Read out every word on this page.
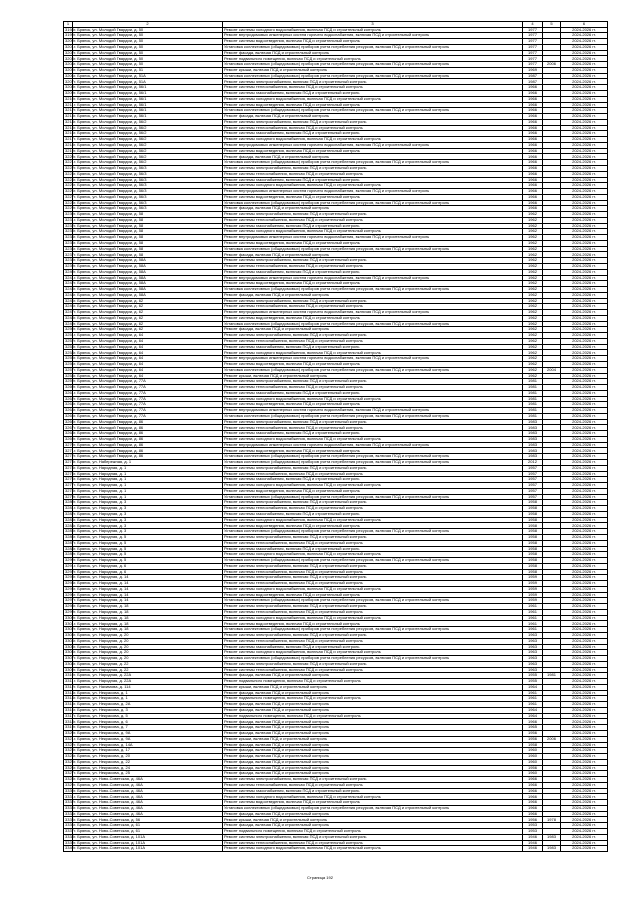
1	2	3	4	5	6
3198	г. Брянск, ул. Молодой Гвардии, д. 50	Ремонт системы холодного водоснабжения, включая ПСД и строительный контроль	1977		2024-2026 гг.
3199	г. Брянск, ул. Молодой Гвардии, д. 50	Ремонт внутридомовых инженерных систем горячего водоснабжения, включая ПСД и строительный контроль	1977		2024-2026 гг.
3200	г. Брянск, ул. Молодой Гвардии, д. 50	Ремонт системы водоотведения, включая ПСД и строительный контроль	1977		2024-2026 гг.
3201	г. Брянск, ул. Молодой Гвардии, д. 50	Установка коллективных (общедомовых) приборов учета потребления ресурсов, включая ПСД и строительный контроль	1977		2024-2026 гг.
3202	г. Брянск, ул. Молодой Гвардии, д. 50	Ремонт фасада, включая ПСД и строительный контроль	1977		2024-2026 гг.
3203	г. Брянск, ул. Молодой Гвардии, д. 50	Ремонт подвального помещения, включая ПСД и строительный контроль	1977		2024-2026 гг.
3204	г. Брянск, ул. Молодой Гвардии, д. 50	Установка коллективных (общедомовых) приборов учета потребления ресурсов, включая ПСД и строительный контроль	1977	2006	2024-2026 гг.
3205	г. Брянск, ул. Молодой Гвардии, д. 51	Ремонт крыши, включая ПСД и строительный контроль	1969		2024-2026 гг.
3206	г. Брянск, ул. Молодой Гвардии, д. 51А	Установка коллективных (общедомовых) приборов учета потребления ресурсов, включая ПСД и строительный контроль	1987		2024-2026 гг.
3207	г. Брянск, ул. Молодой Гвардии, д. 51А	Ремонт системы электроснабжения, включая ПСД и строительный контроль	1987		2024-2026 гг.
3208	г. Брянск, ул. Молодой Гвардии, д. 56/1	Ремонт системы теплоснабжения, включая ПСД и строительный контроль	1966		2024-2026 гг.
3209	г. Брянск, ул. Молодой Гвардии, д. 56/1	Ремонт системы газоснабжения, включая ПСД и строительный контроль	1966		2024-2026 гг.
3210	г. Брянск, ул. Молодой Гвардии, д. 56/1	Ремонт системы холодного водоснабжения, включая ПСД и строительный контроль	1966		2024-2026 гг.
3211	г. Брянск, ул. Молодой Гвардии, д. 56/1	Ремонт системы водоотведения, включая ПСД и строительный контроль	1966		2024-2026 гг.
3212	г. Брянск, ул. Молодой Гвардии, д. 56/1	Установка коллективных (общедомовых) приборов учета потребления ресурсов, включая ПСД и строительный контроль	1966		2024-2026 гг.
3213	г. Брянск, ул. Молодой Гвардии, д. 56/1	Ремонт фасада, включая ПСД и строительный контроль	1966		2024-2026 гг.
3214	г. Брянск, ул. Молодой Гвардии, д. 56/2	Ремонт системы электроснабжения, включая ПСД и строительный контроль	1966		2024-2026 гг.
3215	г. Брянск, ул. Молодой Гвардии, д. 56/2	Ремонт системы теплоснабжения, включая ПСД и строительный контроль	1966		2024-2026 гг.
3216	г. Брянск, ул. Молодой Гвардии, д. 56/2	Ремонт системы газоснабжения, включая ПСД и строительный контроль	1966		2024-2026 гг.
3217	г. Брянск, ул. Молодой Гвардии, д. 56/2	Ремонт системы холодного водоснабжения, включая ПСД и строительный контроль	1966		2024-2026 гг.
3218	г. Брянск, ул. Молодой Гвардии, д. 56/2	Ремонт внутридомовых инженерных систем горячего водоснабжения, включая ПСД и строительный контроль	1966		2024-2026 гг.
3219	г. Брянск, ул. Молодой Гвардии, д. 56/2	Ремонт системы водоотведения, включая ПСД и строительный контроль	1966		2024-2026 гг.
3220	г. Брянск, ул. Молодой Гвардии, д. 56/2	Ремонт фасада, включая ПСД и строительный контроль	1966		2024-2026 гг.
3221	г. Брянск, ул. Молодой Гвардии, д. 56/2	Установка коллективных (общедомовых) приборов учета потребления ресурсов, включая ПСД и строительный контроль	1966		2024-2026 гг.
3222	г. Брянск, ул. Молодой Гвардии, д. 56/3	Ремонт системы электроснабжения, включая ПСД и строительный контроль	1966		2024-2026 гг.
3223	г. Брянск, ул. Молодой Гвардии, д. 56/3	Ремонт системы теплоснабжения, включая ПСД и строительный контроль	1966		2024-2026 гг.
3224	г. Брянск, ул. Молодой Гвардии, д. 56/3	Ремонт системы газоснабжения, включая ПСД и строительный контроль	1966		2024-2026 гг.
3225	г. Брянск, ул. Молодой Гвардии, д. 56/3	Ремонт системы холодного водоснабжения, включая ПСД и строительный контроль	1966		2024-2026 гг.
3226	г. Брянск, ул. Молодой Гвардии, д. 56/3	Ремонт внутридомовых инженерных систем горячего водоснабжения, включая ПСД и строительный контроль	1966		2024-2026 гг.
3227	г. Брянск, ул. Молодой Гвардии, д. 56/3	Ремонт системы водоотведения, включая ПСД и строительный контроль	1966		2024-2026 гг.
3228	г. Брянск, ул. Молодой Гвардии, д. 56/3	Установка коллективных (общедомовых) приборов учета потребления ресурсов, включая ПСД и строительный контроль	1966		2024-2026 гг.
3229	г. Брянск, ул. Молодой Гвардии, д. 56/3	Ремонт фасада, включая ПСД и строительный контроль	1966		2024-2026 гг.
3230	г. Брянск, ул. Молодой Гвардии, д. 58	Ремонт системы электроснабжения, включая ПСД и строительный контроль	1962		2024-2026 гг.
3231	г. Брянск, ул. Молодой Гвардии, д. 58	Ремонт системы теплоснабжения, включая ПСД и строительный контроль	1962		2024-2026 гг.
3232	г. Брянск, ул. Молодой Гвардии, д. 58	Ремонт системы газоснабжения, включая ПСД и строительный контроль	1962		2024-2026 гг.
3233	г. Брянск, ул. Молодой Гвардии, д. 58	Ремонт системы холодного водоснабжения, включая ПСД и строительный контроль	1962		2024-2026 гг.
3234	г. Брянск, ул. Молодой Гвардии, д. 58	Ремонт внутридомовых инженерных систем горячего водоснабжения, включая ПСД и строительный контроль	1962		2024-2026 гг.
3235	г. Брянск, ул. Молодой Гвардии, д. 58	Ремонт системы водоотведения, включая ПСД и строительный контроль	1962		2024-2026 гг.
3236	г. Брянск, ул. Молодой Гвардии, д. 58	Установка коллективных (общедомовых) приборов учета потребления ресурсов, включая ПСД и строительный контроль	1962		2024-2026 гг.
3237	г. Брянск, ул. Молодой Гвардии, д. 58	Ремонт фасада, включая ПСД и строительный контроль	1962		2024-2026 гг.
3238	г. Брянск, ул. Молодой Гвардии, д. 58А	Ремонт системы электроснабжения, включая ПСД и строительный контроль	1962		2024-2026 гг.
3239	г. Брянск, ул. Молодой Гвардии, д. 58А	Ремонт системы теплоснабжения, включая ПСД и строительный контроль	1962		2024-2026 гг.
3240	г. Брянск, ул. Молодой Гвардии, д. 58А	Ремонт системы газоснабжения, включая ПСД и строительный контроль	1962		2024-2026 гг.
3241	г. Брянск, ул. Молодой Гвардии, д. 58А	Ремонт внутридомовых инженерных систем горячего водоснабжения, включая ПСД и строительный контроль	1962		2024-2026 гг.
3242	г. Брянск, ул. Молодой Гвардии, д. 58А	Ремонт системы водоотведения, включая ПСД и строительный контроль	1962		2024-2026 гг.
3243	г. Брянск, ул. Молодой Гвардии, д. 58А	Установка коллективных (общедомовых) приборов учета потребления ресурсов, включая ПСД и строительный контроль	1962		2024-2026 гг.
3244	г. Брянск, ул. Молодой Гвардии, д. 58А	Ремонт фасада, включая ПСД и строительный контроль	1962		2024-2026 гг.
3245	г. Брянск, ул. Молодой Гвардии, д. 62	Ремонт системы электроснабжения, включая ПСД и строительный контроль	1962		2024-2026 гг.
3246	г. Брянск, ул. Молодой Гвардии, д. 62	Ремонт системы теплоснабжения, включая ПСД и строительный контроль	1962		2024-2026 гг.
3247	г. Брянск, ул. Молодой Гвардии, д. 62	Ремонт внутридомовых инженерных систем горячего водоснабжения, включая ПСД и строительный контроль	1962		2024-2026 гг.
3248	г. Брянск, ул. Молодой Гвардии, д. 62	Ремонт системы водоотведения, включая ПСД и строительный контроль	1962		2024-2026 гг.
3249	г. Брянск, ул. Молодой Гвардии, д. 62	Установка коллективных (общедомовых) приборов учета потребления ресурсов, включая ПСД и строительный контроль	1962		2024-2026 гг.
3250	г. Брянск, ул. Молодой Гвардии, д. 62	Ремонт фасада, включая ПСД и строительный контроль	1962		2024-2026 гг.
3251	г. Брянск, ул. Молодой Гвардии, д. 64	Ремонт системы электроснабжения, включая ПСД и строительный контроль	1962		2024-2026 гг.
3252	г. Брянск, ул. Молодой Гвардии, д. 64	Ремонт системы теплоснабжения, включая ПСД и строительный контроль	1962		2024-2026 гг.
3253	г. Брянск, ул. Молодой Гвардии, д. 64	Ремонт системы газоснабжения, включая ПСД и строительный контроль	1962		2024-2026 гг.
3254	г. Брянск, ул. Молодой Гвардии, д. 64	Ремонт системы холодного водоснабжения, включая ПСД и строительный контроль	1962		2024-2026 гг.
3255	г. Брянск, ул. Молодой Гвардии, д. 64	Ремонт внутридомовых инженерных систем горячего водоснабжения, включая ПСД и строительный контроль	1962		2024-2026 гг.
3256	г. Брянск, ул. Молодой Гвардии, д. 64	Ремонт системы водоотведения, включая ПСД и строительный контроль	1962		2024-2026 гг.
3257	г. Брянск, ул. Молодой Гвардии, д. 64	Установка коллективных (общедомовых) приборов учета потребления ресурсов, включая ПСД и строительный контроль	1962	2004	2024-2026 гг.
3258	г. Брянск, ул. Молодой Гвардии, д. 64	Ремонт крыши, включая ПСД и строительный контроль	1962		2024-2026 гг.
3259	г. Брянск, ул. Молодой Гвардии, д. 77А	Ремонт системы электроснабжения, включая ПСД и строительный контроль	1981		2024-2026 гг.
3260	г. Брянск, ул. Молодой Гвардии, д. 77А	Ремонт системы теплоснабжения, включая ПСД и строительный контроль	1981		2024-2026 гг.
3261	г. Брянск, ул. Молодой Гвардии, д. 77А	Ремонт системы газоснабжения, включая ПСД и строительный контроль	1981		2024-2026 гг.
3262	г. Брянск, ул. Молодой Гвардии, д. 77А	Ремонт системы холодного водоснабжения, включая ПСД и строительный контроль	1981		2024-2026 гг.
3263	г. Брянск, ул. Молодой Гвардии, д. 77А	Ремонт системы водоотведения, включая ПСД и строительный контроль	1981		2024-2026 гг.
3264	г. Брянск, ул. Молодой Гвардии, д. 77А	Ремонт внутридомовых инженерных систем горячего водоснабжения, включая ПСД и строительный контроль	1981		2024-2026 гг.
3265	г. Брянск, ул. Молодой Гвардии, д. 77А	Установка коллективных (общедомовых) приборов учета потребления ресурсов, включая ПСД и строительный контроль	1981		2024-2026 гг.
3266	г. Брянск, ул. Молодой Гвардии, д. 86	Ремонт системы электроснабжения, включая ПСД и строительный контроль	1983		2024-2026 гг.
3267	г. Брянск, ул. Молодой Гвардии, д. 86	Ремонт системы теплоснабжения, включая ПСД и строительный контроль	1983		2024-2026 гг.
3268	г. Брянск, ул. Молодой Гвардии, д. 86	Ремонт системы газоснабжения, включая ПСД и строительный контроль	1983		2024-2026 гг.
3269	г. Брянск, ул. Молодой Гвардии, д. 86	Ремонт системы холодного водоснабжения, включая ПСД и строительный контроль	1983		2024-2026 гг.
3270	г. Брянск, ул. Молодой Гвардии, д. 86	Ремонт внутридомовых инженерных систем горячего водоснабжения, включая ПСД и строительный контроль	1983		2024-2026 гг.
3271	г. Брянск, ул. Молодой Гвардии, д. 86	Ремонт системы водоотведения, включая ПСД и строительный контроль	1983		2024-2026 гг.
3272	г. Брянск, ул. Молодой Гвардии, д. 86	Установка коллективных (общедомовых) приборов учета потребления ресурсов, включая ПСД и строительный контроль	1983		2024-2026 гг.
3273	г. Брянск, ул. Набережная, д. 1	Установка коллективных (общедомовых) приборов учета потребления ресурсов, включая ПСД и строительный контроль	2012		2024-2026 гг.
3274	г. Брянск, ул. Народная, д. 1	Ремонт системы электроснабжения, включая ПСД и строительный контроль	1957		2024-2026 гг.
3275	г. Брянск, ул. Народная, д. 1	Ремонт системы теплоснабжения, включая ПСД и строительный контроль	1957		2024-2026 гг.
3276	г. Брянск, ул. Народная, д. 1	Ремонт системы газоснабжения, включая ПСД и строительный контроль	1957		2024-2026 гг.
3277	г. Брянск, ул. Народная, д. 1	Ремонт системы холодного водоснабжения, включая ПСД и строительный контроль	1957		2024-2026 гг.
3278	г. Брянск, ул. Народная, д. 1	Ремонт системы водоотведения, включая ПСД и строительный контроль	1957		2024-2026 гг.
3279	г. Брянск, ул. Народная, д. 1	Установка коллективных (общедомовых) приборов учета потребления ресурсов, включая ПСД и строительный контроль	1957		2024-2026 гг.
3280	г. Брянск, ул. Народная, д. 3	Ремонт системы электроснабжения, включая ПСД и строительный контроль	1958		2024-2026 гг.
3281	г. Брянск, ул. Народная, д. 3	Ремонт системы теплоснабжения, включая ПСД и строительный контроль	1958		2024-2026 гг.
3282	г. Брянск, ул. Народная, д. 3	Ремонт системы газоснабжения, включая ПСД и строительный контроль	1958		2024-2026 гг.
3283	г. Брянск, ул. Народная, д. 3	Ремонт системы холодного водоснабжения, включая ПСД и строительный контроль	1958		2024-2026 гг.
3284	г. Брянск, ул. Народная, д. 3	Ремонт системы водоотведения, включая ПСД и строительный контроль	1958		2024-2026 гг.
3285	г. Брянск, ул. Народная, д. 3	Установка коллективных (общедомовых) приборов учета потребления ресурсов, включая ПСД и строительный контроль	1958		2024-2026 гг.
3286	г. Брянск, ул. Народная, д. 5	Ремонт системы электроснабжения, включая ПСД и строительный контроль	1958		2024-2026 гг.
3287	г. Брянск, ул. Народная, д. 5	Ремонт системы теплоснабжения, включая ПСД и строительный контроль	1958		2024-2026 гг.
3288	г. Брянск, ул. Народная, д. 5	Ремонт системы газоснабжения, включая ПСД и строительный контроль	1958		2024-2026 гг.
3289	г. Брянск, ул. Народная, д. 5	Ремонт системы холодного водоснабжения, включая ПСД и строительный контроль	1958		2024-2026 гг.
3290	г. Брянск, ул. Народная, д. 5	Установка коллективных (общедомовых) приборов учета потребления ресурсов, включая ПСД и строительный контроль	1958		2024-2026 гг.
3291	г. Брянск, ул. Народная, д. 6	Ремонт системы электроснабжения, включая ПСД и строительный контроль	1958		2024-2026 гг.
3292	г. Брянск, ул. Народная, д. 6	Ремонт системы теплоснабжения, включая ПСД и строительный контроль	1958		2024-2026 гг.
3293	г. Брянск, ул. Народная, д. 14	Ремонт системы электроснабжения, включая ПСД и строительный контроль	1959		2024-2026 гг.
3294	г. Брянск, ул. Народная, д. 14	Ремонт системы теплоснабжения, включая ПСД и строительный контроль	1959		2024-2026 гг.
3295	г. Брянск, ул. Народная, д. 14	Ремонт системы холодного водоснабжения, включая ПСД и строительный контроль	1959		2024-2026 гг.
3296	г. Брянск, ул. Народная, д. 14	Ремонт системы водоотведения, включая ПСД и строительный контроль	1959		2024-2026 гг.
3297	г. Брянск, ул. Народная, д. 14	Установка коллективных (общедомовых) приборов учета потребления ресурсов, включая ПСД и строительный контроль	1959		2024-2026 гг.
3298	г. Брянск, ул. Народная, д. 18	Ремонт системы электроснабжения, включая ПСД и строительный контроль	1961		2024-2026 гг.
3299	г. Брянск, ул. Народная, д. 18	Ремонт системы теплоснабжения, включая ПСД и строительный контроль	1961		2024-2026 гг.
3300	г. Брянск, ул. Народная, д. 18	Ремонт системы холодного водоснабжения, включая ПСД и строительный контроль	1961		2024-2026 гг.
3301	г. Брянск, ул. Народная, д. 18	Ремонт системы водоотведения, включая ПСД и строительный контроль	1961		2024-2026 гг.
3302	г. Брянск, ул. Народная, д. 18	Установка коллективных (общедомовых) приборов учета потребления ресурсов, включая ПСД и строительный контроль	1961		2024-2026 гг.
3303	г. Брянск, ул. Народная, д. 20	Ремонт системы электроснабжения, включая ПСД и строительный контроль	1963		2024-2026 гг.
3304	г. Брянск, ул. Народная, д. 20	Ремонт системы теплоснабжения, включая ПСД и строительный контроль	1963		2024-2026 гг.
3305	г. Брянск, ул. Народная, д. 20	Ремонт системы газоснабжения, включая ПСД и строительный контроль	1963		2024-2026 гг.
3306	г. Брянск, ул. Народная, д. 20	Ремонт системы холодного водоснабжения, включая ПСД и строительный контроль	1963		2024-2026 гг.
3307	г. Брянск, ул. Народная, д. 20	Установка коллективных (общедомовых) приборов учета потребления ресурсов, включая ПСД и строительный контроль	1963		2024-2026 гг.
3308	г. Брянск, ул. Народная, д. 22	Ремонт системы электроснабжения, включая ПСД и строительный контроль	1963		2024-2026 гг.
3309	г. Брянск, ул. Народная, д. 22	Ремонт системы теплоснабжения, включая ПСД и строительный контроль	1963		2024-2026 гг.
3310	г. Брянск, ул. Народная, д. 22А	Ремонт фасада, включая ПСД и строительный контроль	1955	1981	2024-2026 гг.
3311	г. Брянск, ул. Народная, д. 22А	Ремонт подвального помещения, включая ПСД и строительный контроль	1955		2024-2026 гг.
3312	г. Брянск, ул. Нахимова, д. 114	Ремонт крыши, включая ПСД и строительный контроль	1964		2024-2026 гг.
3313	г. Брянск, ул. Некрасова, д. 1	Ремонт фасада, включая ПСД и строительный контроль	1961		2024-2026 гг.
3314	г. Брянск, ул. Некрасова, д. 1	Ремонт подвального помещения, включая ПСД и строительный контроль	1961		2024-2026 гг.
3315	г. Брянск, ул. Некрасова, д. 2А	Ремонт фасада, включая ПСД и строительный контроль	1961		2024-2026 гг.
3316	г. Брянск, ул. Некрасова, д. 3	Ремонт фасада, включая ПСД и строительный контроль	1964		2024-2026 гг.
3317	г. Брянск, ул. Некрасова, д. 5	Ремонт подвального помещения, включая ПСД и строительный контроль	1964		2024-2026 гг.
3318	г. Брянск, ул. Некрасова, д. 6	Ремонт фасада, включая ПСД и строительный контроль	1966		2024-2026 гг.
3319	г. Брянск, ул. Некрасова, д. 7	Ремонт фасада, включая ПСД и строительный контроль	1965		2024-2026 гг.
3320	г. Брянск, ул. Некрасова, д. 9А	Ремонт фасада, включая ПСД и строительный контроль	1956		2024-2026 гг.
3321	г. Брянск, ул. Некрасова, д. 9А	Ремонт крыши, включая ПСД и строительный контроль	1956	2006	2024-2026 гг.
3322	г. Брянск, ул. Некрасова, д. 14А	Ремонт фасада, включая ПСД и строительный контроль	1958		2024-2026 гг.
3323	г. Брянск, ул. Некрасова, д. 17	Ремонт фасада, включая ПСД и строительный контроль	1960		2024-2026 гг.
3324	г. Брянск, ул. Некрасова, д. 20	Ремонт фасада, включая ПСД и строительный контроль	1960		2024-2026 гг.
3325	г. Брянск, ул. Некрасова, д. 22	Ремонт фасада, включая ПСД и строительный контроль	1960		2024-2026 гг.
3326	г. Брянск, ул. Некрасова, д. 24	Ремонт фасада, включая ПСД и строительный контроль	1956		2024-2026 гг.
3327	г. Брянск, ул. Некрасова, д. 25	Ремонт фасада, включая ПСД и строительный контроль	1960		2024-2026 гг.
3328	г. Брянск, ул. Ново-Советская, д. 46А	Ремонт системы электроснабжения, включая ПСД и строительный контроль	1966		2024-2026 гг.
3329	г. Брянск, ул. Ново-Советская, д. 46А	Ремонт системы теплоснабжения, включая ПСД и строительный контроль	1966		2024-2026 гг.
3330	г. Брянск, ул. Ново-Советская, д. 46А	Ремонт системы газоснабжения, включая ПСД и строительный контроль	1966		2024-2026 гг.
3331	г. Брянск, ул. Ново-Советская, д. 46А	Ремонт системы холодного водоснабжения, включая ПСД и строительный контроль	1966		2024-2026 гг.
3332	г. Брянск, ул. Ново-Советская, д. 46А	Ремонт системы водоотведения, включая ПСД и строительный контроль	1966		2024-2026 гг.
3333	г. Брянск, ул. Ново-Советская, д. 46А	Установка коллективных (общедомовых) приборов учета потребления ресурсов, включая ПСД и строительный контроль	1966		2024-2026 гг.
3334	г. Брянск, ул. Ново-Советская, д. 46А	Ремонт фасада, включая ПСД и строительный контроль	1966		2024-2026 гг.
3335	г. Брянск, ул. Ново-Советская, д. 56	Ремонт крыши, включая ПСД и строительный контроль	1956	1978	2024-2026 гг.
3336	г. Брянск, ул. Ново-Советская, д. 61	Ремонт фасада, включая ПСД и строительный контроль	1953		2024-2026 гг.
3337	г. Брянск, ул. Ново-Советская, д. 61	Ремонт подвального помещения, включая ПСД и строительный контроль	1953		2024-2026 гг.
3338	г. Брянск, ул. Ново-Советская, д. 101А	Ремонт системы электроснабжения, включая ПСД и строительный контроль	1946	1983	2024-2026 гг.
3339	г. Брянск, ул. Ново-Советская, д. 101А	Ремонт системы теплоснабжения, включая ПСД и строительный контроль	1946		2024-2026 гг.
3340	г. Брянск, ул. Ново-Советская, д. 101А	Ремонт системы холодного водоснабжения, включая ПСД и строительный контроль	1946	1983	2024-2026 гг.
Страница 192
